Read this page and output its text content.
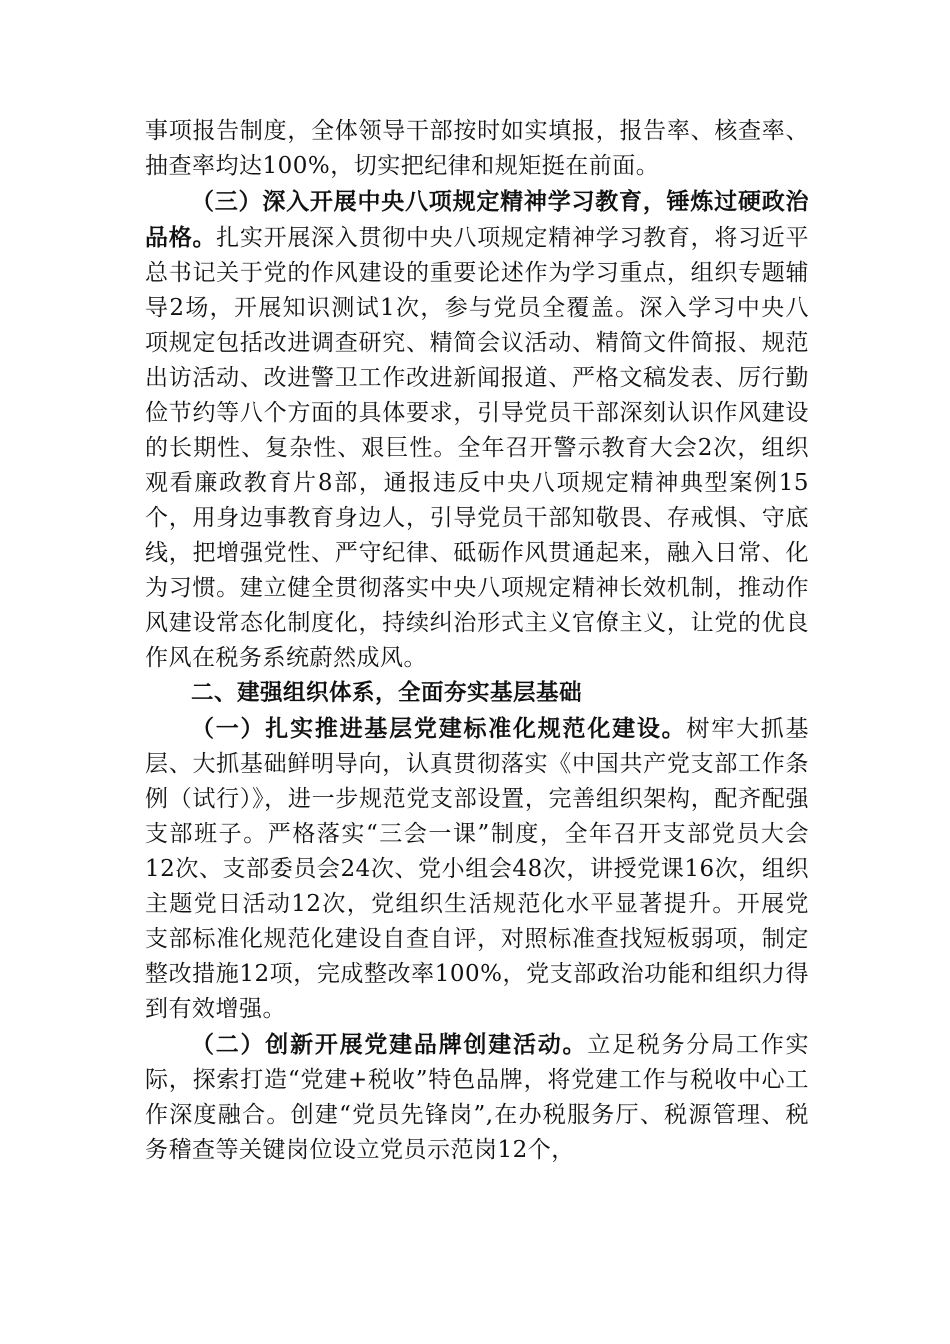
事项报告制度，全体领导干部按时如实填报，报告率、核查率、抽查率均达100%，切实把纪律和规矩挺在前面。

（三）深入开展中央八项规定精神学习教育，锤炼过硬政治品格。扎实开展深入贯彻中央八项规定精神学习教育，将习近平总书记关于党的作风建设的重要论述作为学习重点，组织专题辅导2场，开展知识测试1次，参与党员全覆盖。深入学习中央八项规定包括改进调查研究、精简会议活动、精简文件简报、规范出访活动、改进警卫工作改进新闻报道、严格文稿发表、厉行勤俭节约等八个方面的具体要求，引导党员干部深刻认识作风建设的长期性、复杂性、艰巨性。全年召开警示教育大会2次，组织观看廉政教育片8部，通报违反中央八项规定精神典型案例15个，用身边事教育身边人，引导党员干部知敬畏、存戒惧、守底线，把增强党性、严守纪律、砥砺作风贯通起来，融入日常、化为习惯。建立健全贯彻落实中央八项规定精神长效机制，推动作风建设常态化制度化，持续纠治形式主义官僚主义，让党的优良作风在税务系统蔚然成风。

二、建强组织体系，全面夯实基层基础

（一）扎实推进基层党建标准化规范化建设。树牢大抓基层、大抓基础鲜明导向，认真贯彻落实《中国共产党支部工作条例（试行）》，进一步规范党支部设置，完善组织架构，配齐配强支部班子。严格落实“三会一课”制度，全年召开支部党员大会12次、支部委员会24次、党小组会48次，讲授党课16次，组织主题党日活动12次，党组织生活规范化水平显著提升。开展党支部标准化规范化建设自查自评，对照标准查找短板弱项，制定整改措施12项，完成整改率100%，党支部政治功能和组织力得到有效增强。

（二）创新开展党建品牌创建活动。立足税务分局工作实际，探索打造“党建+税收”特色品牌，将党建工作与税收中心工作深度融合。创建“党员先锋岗”,在办税服务厅、税源管理、税务稽查等关键岗位设立党员示范岗12个，
